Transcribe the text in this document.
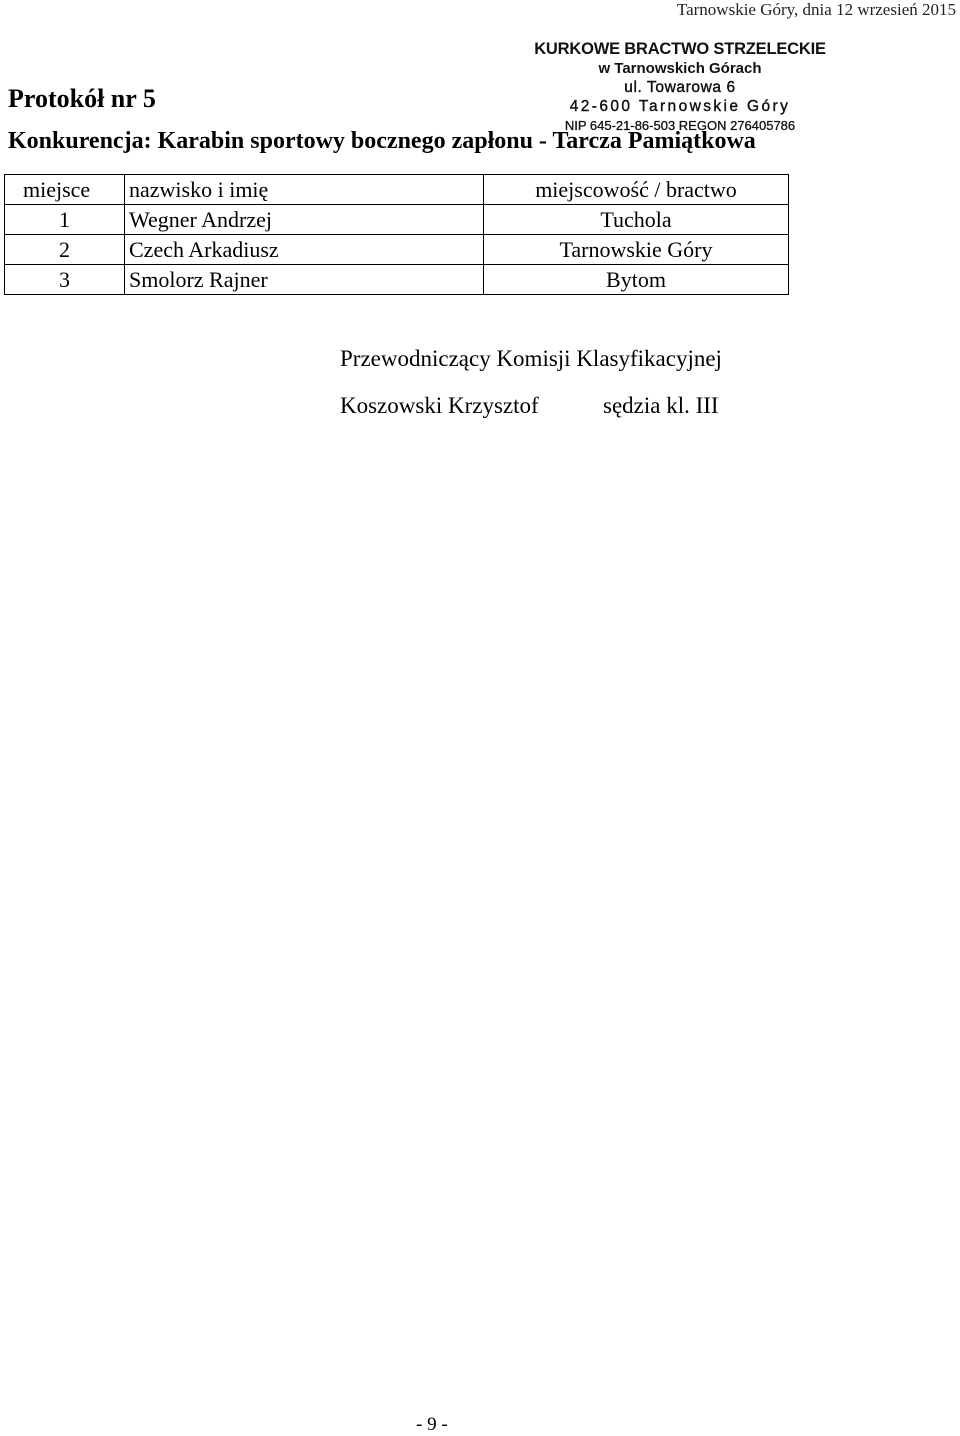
Tarnowskie Góry, dnia 12 wrzesień 2015
KURKOWE BRACTWO STRZELECKIE
w Tarnowskich Górach
ul. Towarowa 6
42-600 Tarnowskie Góry
NIP 645-21-86-503 REGON 276405786
Protokół nr 5
Konkurencja: Karabin sportowy bocznego zapłonu - Tarcza Pamiątkowa
miejsce	nazwisko i imię	miejscowość / bractwo
1	Wegner Andrzej	Tuchola
2	Czech Arkadiusz	Tarnowskie Góry
3	Smolorz Rajner	Bytom
Przewodniczący Komisji Klasyfikacyjnej
Koszowski Krzysztof	sędzia kl. III
- 9 -
